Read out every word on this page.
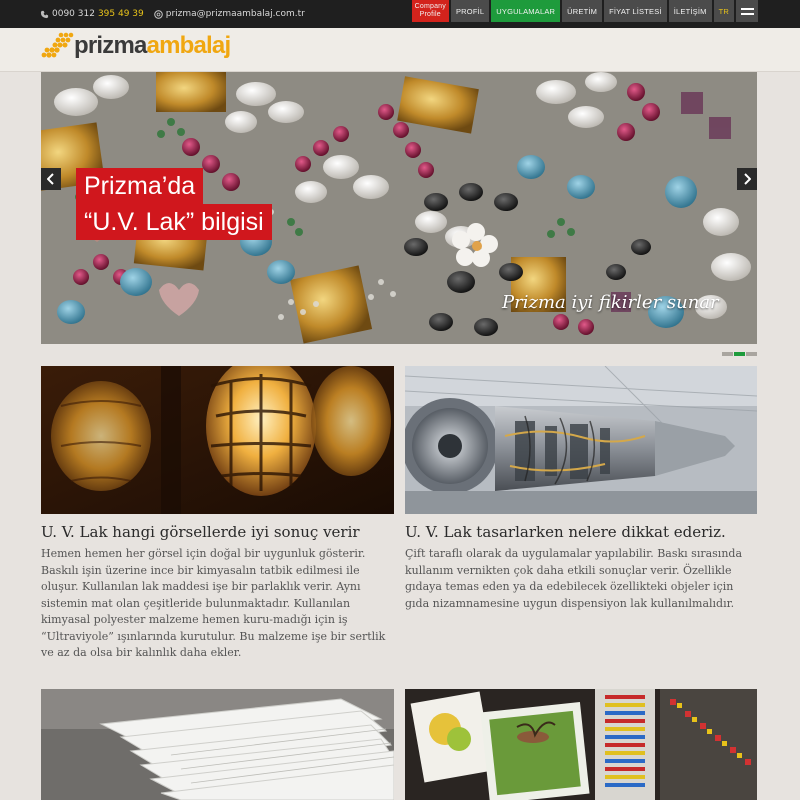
0090 312 395 49 39 prizma@prizmaambalaj.com.tr
Company
Profile	PROFİL	UYGULAMALAR	ÜRETİM	FİYAT LİSTESİ	İLETİŞİM	TR
prizmaambalaj
Prizma’da
“U.V. Lak” bilgisi
Prizma iyi fikirler sunar
U. V. Lak hangi görsellerde iyi sonuç verir
Hemen hemen her görsel için doğal bir uygunluk gösterir. Baskılı işin üzerine ince bir kimyasalın tatbik edilmesi ile oluşur. Kullanılan lak maddesi işe bir parlaklık verir. Aynı sistemin mat olan çeşitleride bulunmaktadır. Kullanılan kimyasal polyester malzeme hemen kuru-madığı için iş “Ultraviyole” ışınlarında kurutulur. Bu malzeme işe bir sertlik ve az da olsa bir kalınlık daha ekler.
U. V. Lak tasarlarken nelere dikkat ederiz.
Çift taraflı olarak da uygulamalar yapılabilir. Baskı sırasında kullanım vernikten çok daha etkili sonuçlar verir. Özellikle gıdaya temas eden ya da edebilecek özellikteki objeler için gıda nizamnamesine uygun dispensiyon lak kullanılmalıdır.
